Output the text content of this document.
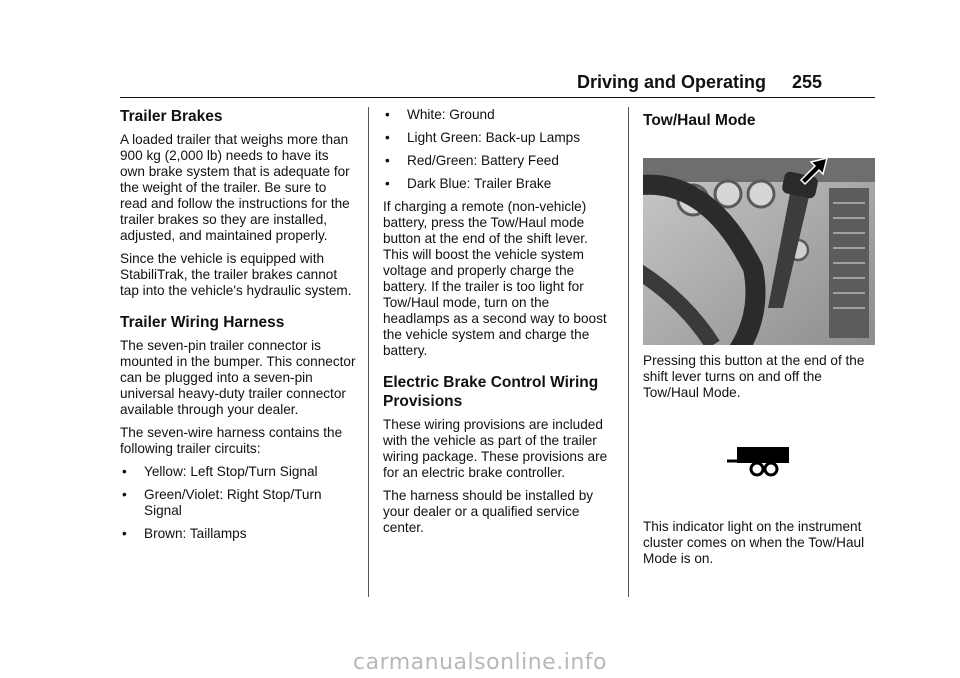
Driving and Operating 255
Trailer Brakes

A loaded trailer that weighs more than 900 kg (2,000 lb) needs to have its own brake system that is adequate for the weight of the trailer. Be sure to read and follow the instructions for the trailer brakes so they are installed, adjusted, and maintained properly.

Since the vehicle is equipped with StabiliTrak, the trailer brakes cannot tap into the vehicle's hydraulic system.

Trailer Wiring Harness

The seven-pin trailer connector is mounted in the bumper. This connector can be plugged into a seven-pin universal heavy-duty trailer connector available through your dealer.

The seven-wire harness contains the following trailer circuits:

•	Yellow: Left Stop/Turn Signal
•	Green/Violet: Right Stop/Turn Signal
•	Brown: Taillamps
•	White: Ground
•	Light Green: Back-up Lamps
•	Red/Green: Battery Feed
•	Dark Blue: Trailer Brake

If charging a remote (non-vehicle) battery, press the Tow/Haul mode button at the end of the shift lever. This will boost the vehicle system voltage and properly charge the battery. If the trailer is too light for Tow/Haul mode, turn on the headlamps as a second way to boost the vehicle system and charge the battery.

Electric Brake Control Wiring Provisions

These wiring provisions are included with the vehicle as part of the trailer wiring package. These provisions are for an electric brake controller.

The harness should be installed by your dealer or a qualified service center.

Tow/Haul Mode

Pressing this button at the end of the shift lever turns on and off the Tow/Haul Mode.

This indicator light on the instrument cluster comes on when the Tow/Haul Mode is on.

carmanualsonline.info
